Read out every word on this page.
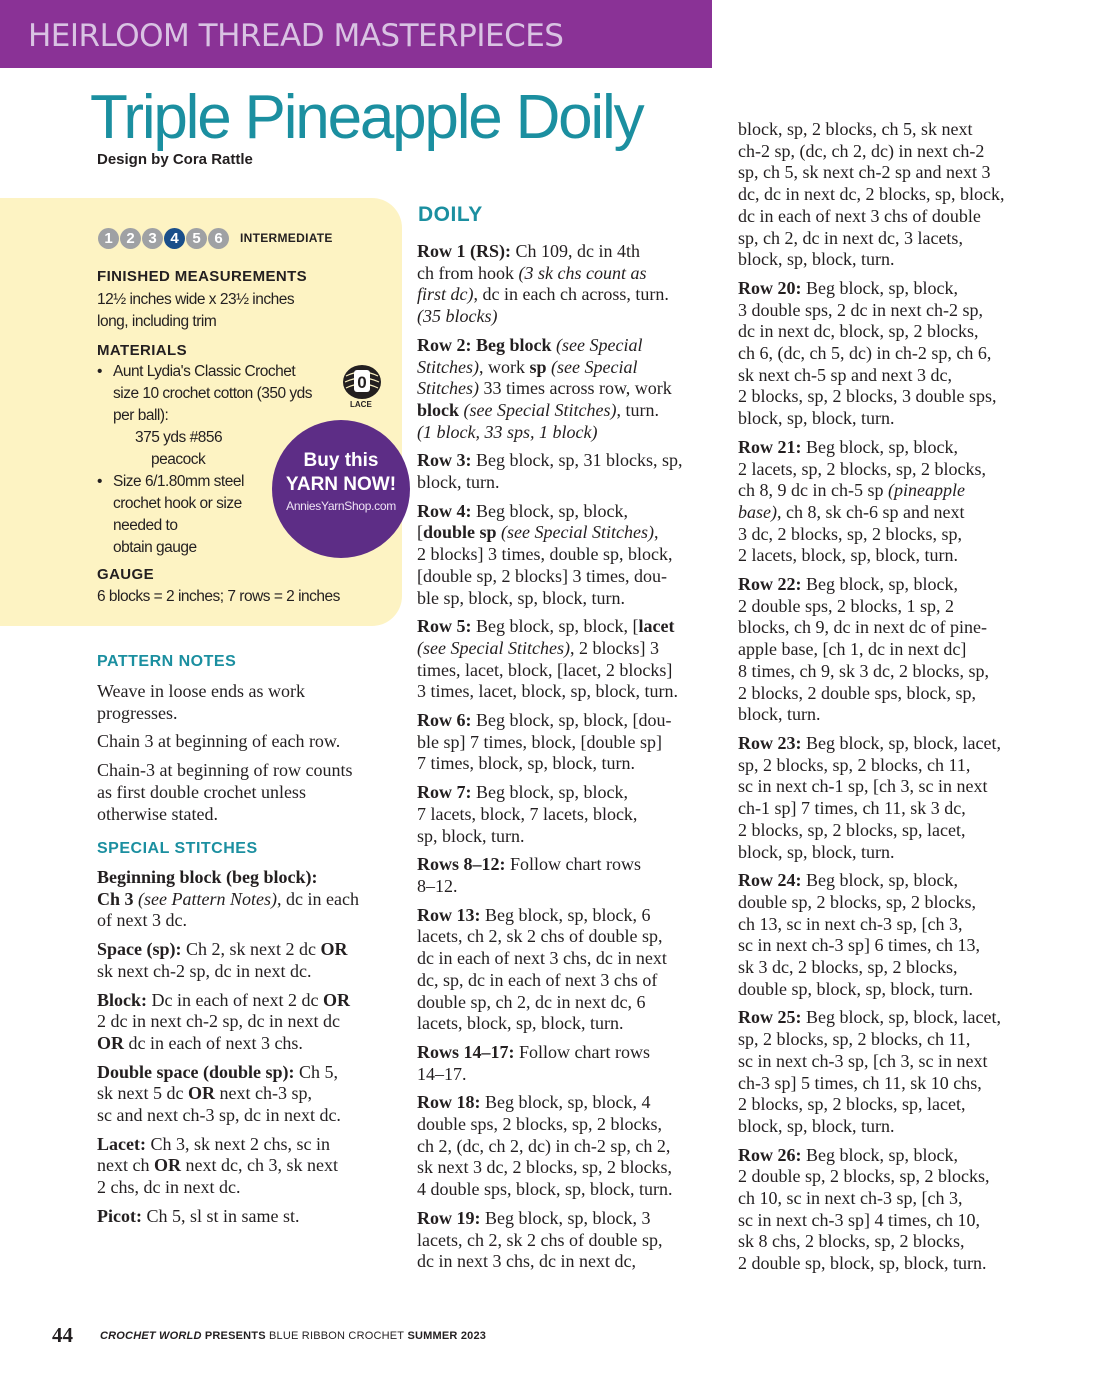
HEIRLOOM THREAD MASTERPIECES
Triple Pineapple Doily
Design by Cora Rattle
1 2 3 4 5 6	INTERMEDIATE
FINISHED MEASUREMENTS
12½ inches wide x 23½ inches
long, including trim
MATERIALS
• Aunt Lydia's Classic Crochet
size 10 crochet cotton (350 yds
per ball):
375 yds #856
peacock
• Size 6/1.80mm steel
crochet hook or size
needed to
obtain gauge
0
LACE
Buy this
YARN NOW!
AnniesYarnShop.com
GAUGE
6 blocks = 2 inches; 7 rows = 2 inches
PATTERN NOTES

Weave in loose ends as work
progresses.

Chain 3 at beginning of each row.

Chain-3 at beginning of row counts
as first double crochet unless
otherwise stated.

SPECIAL STITCHES

Beginning block (beg block):
Ch 3 (see Pattern Notes), dc in each
of next 3 dc.

Space (sp): Ch 2, sk next 2 dc OR
sk next ch-2 sp, dc in next dc.

Block: Dc in each of next 2 dc OR
2 dc in next ch-2 sp, dc in next dc
OR dc in each of next 3 chs.

Double space (double sp): Ch 5,
sk next 5 dc OR next ch-3 sp,
sc and next ch-3 sp, dc in next dc.

Lacet: Ch 3, sk next 2 chs, sc in
next ch OR next dc, ch 3, sk next
2 chs, dc in next dc.

Picot: Ch 5, sl st in same st.

DOILY

Row 1 (RS): Ch 109, dc in 4th
ch from hook (3 sk chs count as
first dc), dc in each ch across, turn.
(35 blocks)

Row 2: Beg block (see Special
Stitches), work sp (see Special
Stitches) 33 times across row, work
block (see Special Stitches), turn.
(1 block, 33 sps, 1 block)

Row 3: Beg block, sp, 31 blocks, sp,
block, turn.

Row 4: Beg block, sp, block,
[double sp (see Special Stitches),
2 blocks] 3 times, double sp, block,
[double sp, 2 blocks] 3 times, dou-
ble sp, block, sp, block, turn.

Row 5: Beg block, sp, block, [lacet
(see Special Stitches), 2 blocks] 3
times, lacet, block, [lacet, 2 blocks]
3 times, lacet, block, sp, block, turn.

Row 6: Beg block, sp, block, [dou-
ble sp] 7 times, block, [double sp]
7 times, block, sp, block, turn.

Row 7: Beg block, sp, block,
7 lacets, block, 7 lacets, block,
sp, block, turn.

Rows 8–12: Follow chart rows
8–12.

Row 13: Beg block, sp, block, 6
lacets, ch 2, sk 2 chs of double sp,
dc in each of next 3 chs, dc in next
dc, sp, dc in each of next 3 chs of
double sp, ch 2, dc in next dc, 6
lacets, block, sp, block, turn.

Rows 14–17: Follow chart rows
14–17.

Row 18: Beg block, sp, block, 4
double sps, 2 blocks, sp, 2 blocks,
ch 2, (dc, ch 2, dc) in ch-2 sp, ch 2,
sk next 3 dc, 2 blocks, sp, 2 blocks,
4 double sps, block, sp, block, turn.

Row 19: Beg block, sp, block, 3
lacets, ch 2, sk 2 chs of double sp,
dc in next 3 chs, dc in next dc,

block, sp, 2 blocks, ch 5, sk next
ch-2 sp, (dc, ch 2, dc) in next ch-2
sp, ch 5, sk next ch-2 sp and next 3
dc, dc in next dc, 2 blocks, sp, block,
dc in each of next 3 chs of double
sp, ch 2, dc in next dc, 3 lacets,
block, sp, block, turn.

Row 20: Beg block, sp, block,
3 double sps, 2 dc in next ch-2 sp,
dc in next dc, block, sp, 2 blocks,
ch 6, (dc, ch 5, dc) in ch-2 sp, ch 6,
sk next ch-5 sp and next 3 dc,
2 blocks, sp, 2 blocks, 3 double sps,
block, sp, block, turn.

Row 21: Beg block, sp, block,
2 lacets, sp, 2 blocks, sp, 2 blocks,
ch 8, 9 dc in ch-5 sp (pineapple
base), ch 8, sk ch-6 sp and next
3 dc, 2 blocks, sp, 2 blocks, sp,
2 lacets, block, sp, block, turn.

Row 22: Beg block, sp, block,
2 double sps, 2 blocks, 1 sp, 2
blocks, ch 9, dc in next dc of pine-
apple base, [ch 1, dc in next dc]
8 times, ch 9, sk 3 dc, 2 blocks, sp,
2 blocks, 2 double sps, block, sp,
block, turn.

Row 23: Beg block, sp, block, lacet,
sp, 2 blocks, sp, 2 blocks, ch 11,
sc in next ch-1 sp, [ch 3, sc in next
ch-1 sp] 7 times, ch 11, sk 3 dc,
2 blocks, sp, 2 blocks, sp, lacet,
block, sp, block, turn.

Row 24: Beg block, sp, block,
double sp, 2 blocks, sp, 2 blocks,
ch 13, sc in next ch-3 sp, [ch 3,
sc in next ch-3 sp] 6 times, ch 13,
sk 3 dc, 2 blocks, sp, 2 blocks,
double sp, block, sp, block, turn.

Row 25: Beg block, sp, block, lacet,
sp, 2 blocks, sp, 2 blocks, ch 11,
sc in next ch-3 sp, [ch 3, sc in next
ch-3 sp] 5 times, ch 11, sk 10 chs,
2 blocks, sp, 2 blocks, sp, lacet,
block, sp, block, turn.

Row 26: Beg block, sp, block,
2 double sp, 2 blocks, sp, 2 blocks,
ch 10, sc in next ch-3 sp, [ch 3,
sc in next ch-3 sp] 4 times, ch 10,
sk 8 chs, 2 blocks, sp, 2 blocks,
2 double sp, block, sp, block, turn.

44 CROCHET WORLD PRESENTS BLUE RIBBON CROCHET SUMMER 2023
